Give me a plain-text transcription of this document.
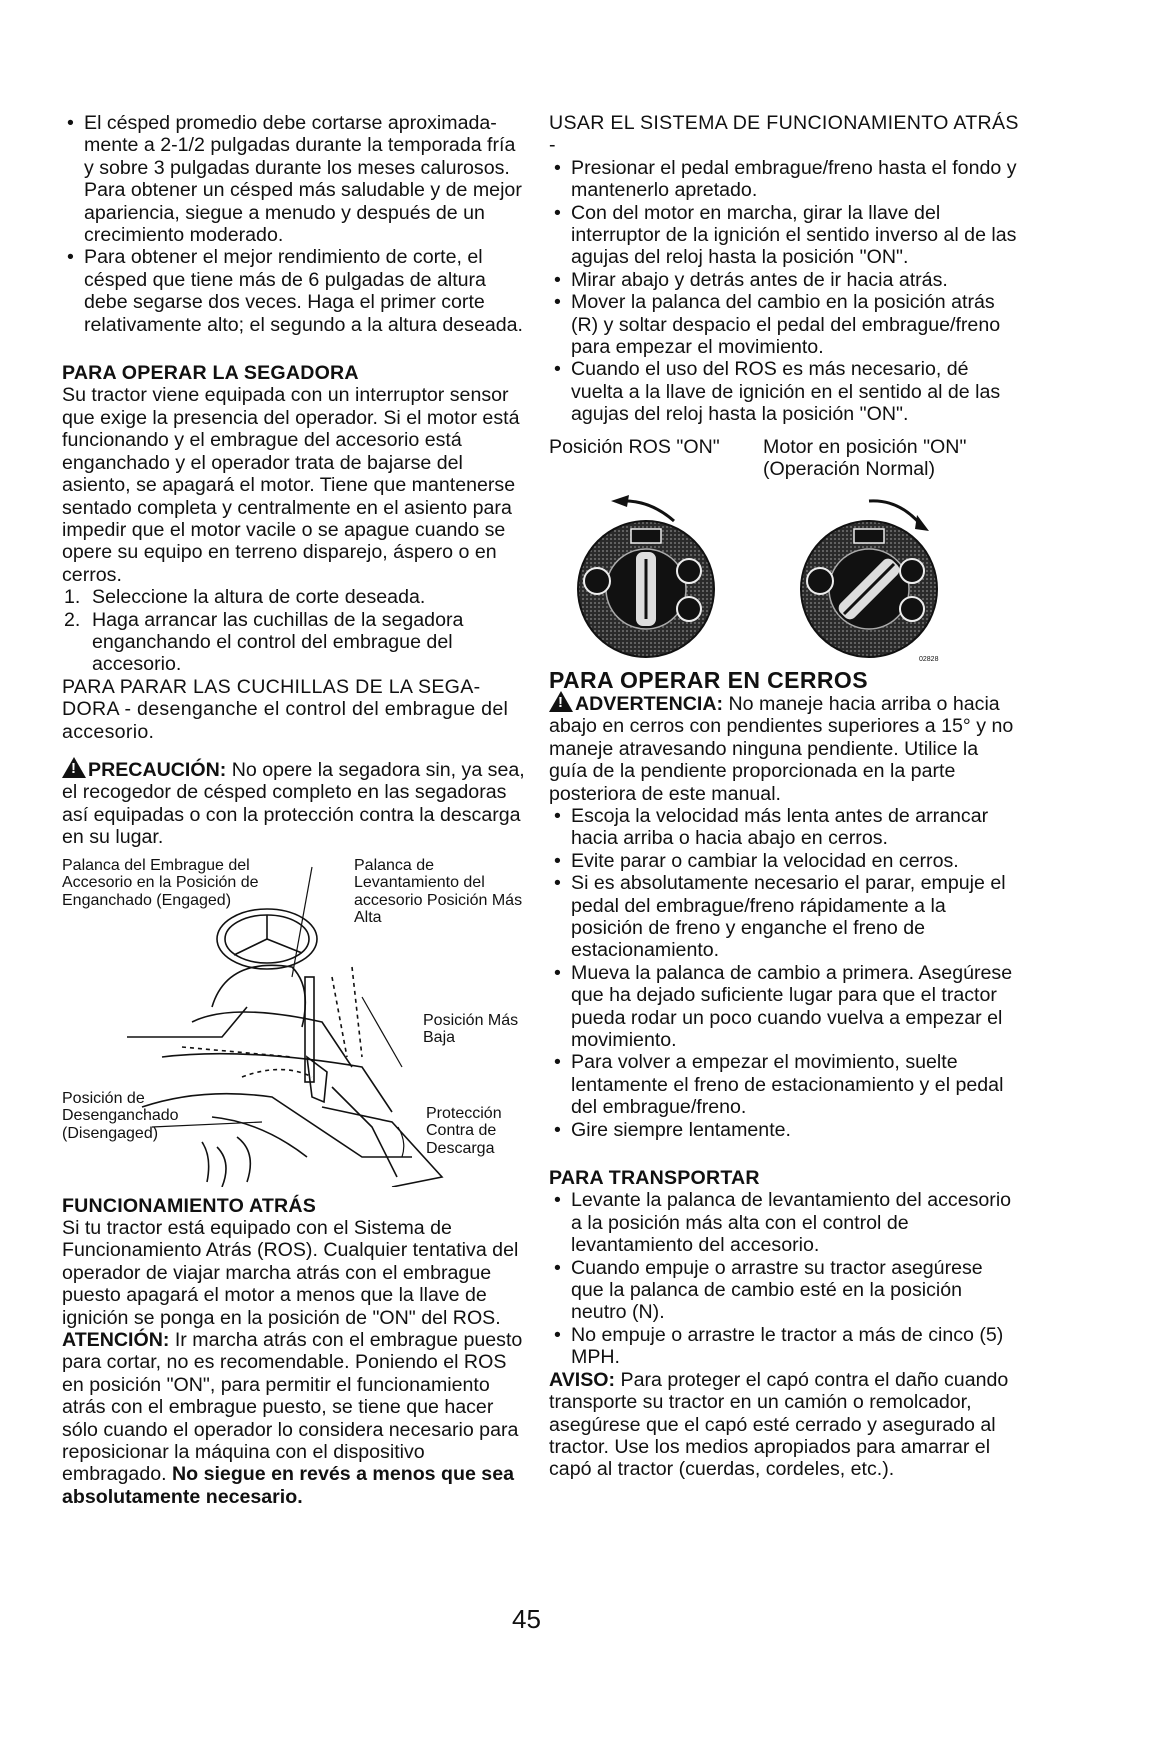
• El césped promedio debe cortarse aproximadamente a 2-1/2 pulgadas durante la temporada fría y sobre 3 pulgadas durante los meses calurosos. Para obtener un césped más saludable y de mejor apariencia, siegue a menudo y después de un crecimiento moderado.
• Para obtener el mejor rendimiento de corte, el césped que tiene más de 6 pulgadas de altura debe segarse dos veces. Haga el primer corte relativamente alto; el segundo a la altura deseada.
PARA OPERAR LA SEGADORA

Su tractor viene equipada con un interruptor sensor que exige la presencia del operador. Si el motor está funcionando y el embrague del accesorio está enganchado y el operador trata de bajarse del asiento, se apagará el motor. Tiene que mantenerse sentado completa y centralmente en el asiento para impedir que el motor vacile o se apague cuando se opere su equipo en terreno disparejo, áspero o en cerros.

1. Seleccione la altura de corte deseada.
2. Haga arrancar las cuchillas de la segadora enganchando el control del embrague del accesorio.

PARA PARAR LAS CUCHILLAS DE LA SEGADORA - desenganche el control del embrague del accesorio.

!PRECAUCIÓN: No opere la segadora sin, ya sea, el recogedor de césped completo en las segadoras así equipadas o con la protección contra la descarga en su lugar.

Palanca del Embrague del Accesorio en la Posición de Enganchado (Engaged)
Palanca de Levantamiento del accesorio Posición Más Alta
Posición Más Baja
Posición de Desenganchado (Disengaged)
Protección Contra de Descarga
FUNCIONAMIENTO ATRÁS

Si tu tractor está equipado con el Sistema de Funcionamiento Atrás (ROS). Cualquier tentativa del operador de viajar marcha atrás con el embrague puesto apagará el motor a menos que la llave de ignición se ponga en la posición de "ON" del ROS.

ATENCIÓN: Ir marcha atrás con el embrague puesto para cortar, no es recomendable. Poniendo el ROS en posición "ON", para permitir el funcionamiento atrás con el embrague puesto, se tiene que hacer sólo cuando el operador lo considera necesario para reposicionar la máquina con el dispositivo embragado. No siegue en revés a menos que sea absolutamente necesario.

USAR EL SISTEMA DE FUNCIONAMIENTO ATRÁS -

• Presionar el pedal embrague/freno hasta el fondo y mantenerlo apretado.
• Con del motor en marcha, girar la llave del interruptor de la ignición el sentido inverso al de las agujas del reloj hasta la posición "ON".
• Mirar abajo y detrás antes de ir hacia atrás.
• Mover la palanca del cambio en la posición atrás (R) y soltar despacio el pedal del embrague/freno para empezar el movimiento.
• Cuando el uso del ROS es más necesario, dé vuelta a la llave de ignición en el sentido al de las agujas del reloj hasta la posición "ON".
Posición ROS "ON"	Motor en posición "ON" (Operación Normal)
02828
PARA OPERAR EN CERROS

!ADVERTENCIA: No maneje hacia arriba o hacia abajo en cerros con pendientes superiores a 15° y no maneje atravesando ninguna pendiente. Utilice la guía de la pendiente proporcionada en la parte posteriora de este manual.

• Escoja la velocidad más lenta antes de arrancar hacia arriba o hacia abajo en cerros.
• Evite parar o cambiar la velocidad en cerros.
• Si es absolutamente necesario el parar, empuje el pedal del embrague/freno rápidamente a la posición de freno y enganche el freno de estacionamiento.
• Mueva la palanca de cambio a primera. Asegúrese que ha dejado suficiente lugar para que el tractor pueda rodar un poco cuando vuelva a empezar el movimiento.
• Para volver a empezar el movimiento, suelte lentamente el freno de estacionamiento y el pedal del embrague/freno.
• Gire siempre lentamente.
PARA TRANSPORTAR
• Levante la palanca de levantamiento del accesorio a la posición más alta con el control de levantamiento del accesorio.
• Cuando empuje o arrastre su tractor asegúrese que la palanca de cambio esté en la posición neutro (N).
• No empuje o arrastre le tractor a más de cinco (5) MPH.

AVISO: Para proteger el capó contra el daño cuando transporte su tractor en un camión o remolcador, asegúrese que el capó esté cerrado y asegurado al tractor. Use los medios apropiados para amarrar el capó al tractor (cuerdas, cordeles, etc.).

45
